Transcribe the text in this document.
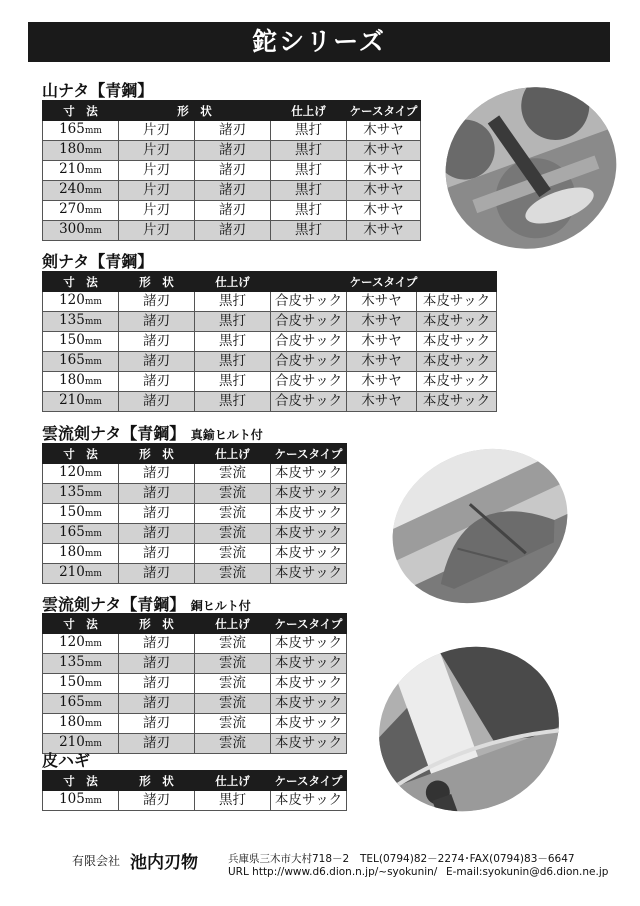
鉈シリーズ
山ナタ【青鋼】
寸　法	形　状		仕上げ	ケースタイプ
165mm	片刃	諸刃	黒打	木サヤ
180mm	片刃	諸刃	黒打	木サヤ
210mm	片刃	諸刃	黒打	木サヤ
240mm	片刃	諸刃	黒打	木サヤ
270mm	片刃	諸刃	黒打	木サヤ
300mm	片刃	諸刃	黒打	木サヤ
剣ナタ【青鋼】
寸　法	形　状	仕上げ	ケースタイプ		
120mm	諸刃	黒打	合皮サック	木サヤ	本皮サック
135mm	諸刃	黒打	合皮サック	木サヤ	本皮サック
150mm	諸刃	黒打	合皮サック	木サヤ	本皮サック
165mm	諸刃	黒打	合皮サック	木サヤ	本皮サック
180mm	諸刃	黒打	合皮サック	木サヤ	本皮サック
210mm	諸刃	黒打	合皮サック	木サヤ	本皮サック
雲流剣ナタ【青鋼】 真鍮ヒルト付
寸　法	形　状	仕上げ	ケースタイプ
120mm	諸刃	雲流	本皮サック
135mm	諸刃	雲流	本皮サック
150mm	諸刃	雲流	本皮サック
165mm	諸刃	雲流	本皮サック
180mm	諸刃	雲流	本皮サック
210mm	諸刃	雲流	本皮サック
雲流剣ナタ【青鋼】 銅ヒルト付
寸　法	形　状	仕上げ	ケースタイプ
120mm	諸刃	雲流	本皮サック
135mm	諸刃	雲流	本皮サック
150mm	諸刃	雲流	本皮サック
165mm	諸刃	雲流	本皮サック
180mm	諸刃	雲流	本皮サック
210mm	諸刃	雲流	本皮サック
皮ハギ
寸　法	形　状	仕上げ	ケースタイプ
105mm	諸刃	黒打	本皮サック
有限会社 池内刃物	兵庫県三木市大村718－2 TEL(0794)82－2274･FAX(0794)83－6647
URL http://www.d6.dion.n.jp/~syokunin/ E-mail:syokunin@d6.dion.ne.jp
